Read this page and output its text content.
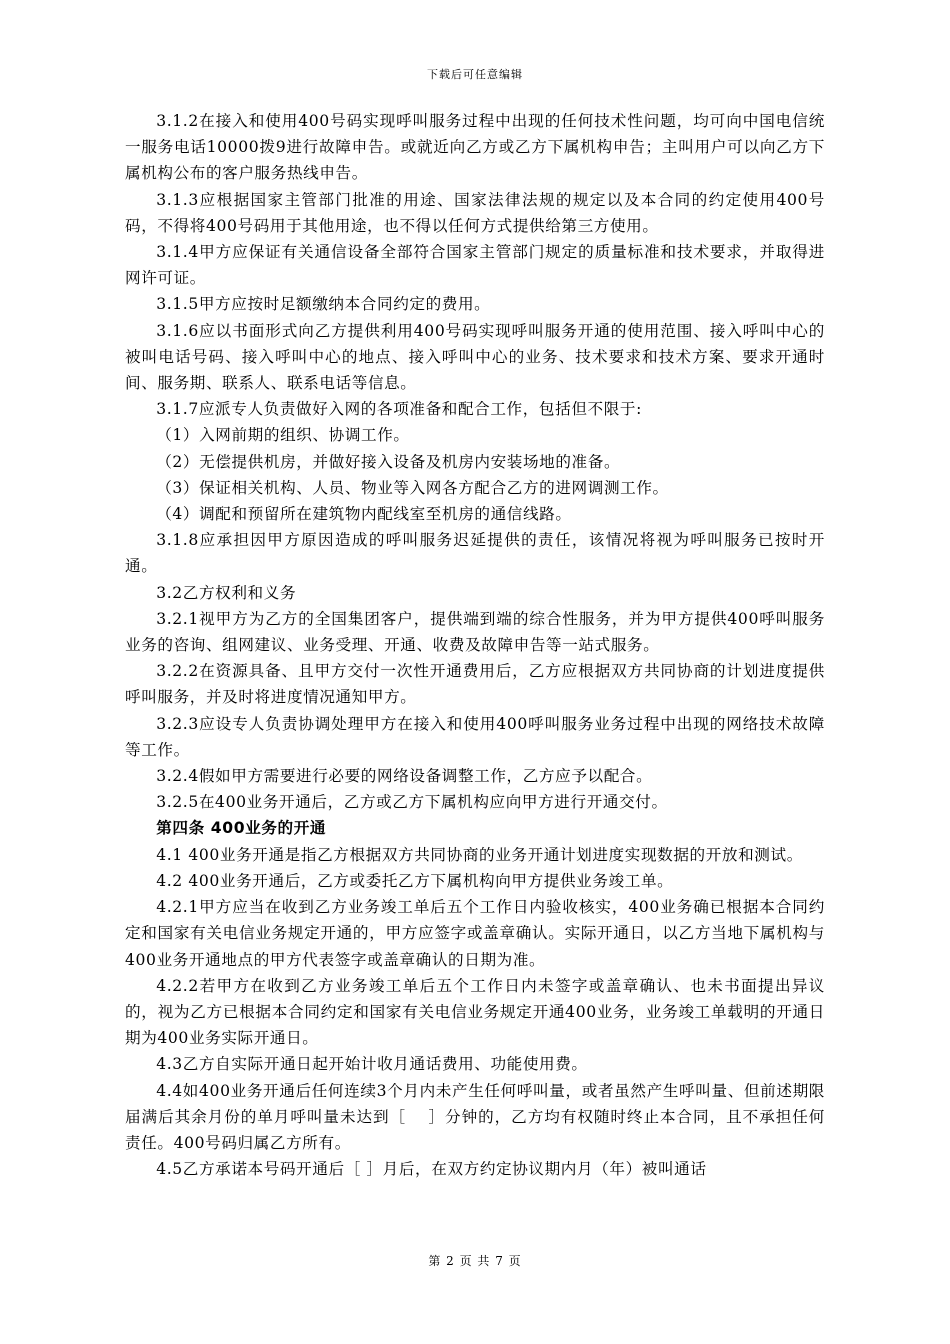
下载后可任意编辑

3.1.2在接入和使用400号码实现呼叫服务过程中出现的任何技术性问题，均可向中国电信统一服务电话10000拨9进行故障申告。或就近向乙方或乙方下属机构申告；主叫用户可以向乙方下属机构公布的客户服务热线申告。

3.1.3应根据国家主管部门批准的用途、国家法律法规的规定以及本合同的约定使用400号码，不得将400号码用于其他用途，也不得以任何方式提供给第三方使用。

3.1.4甲方应保证有关通信设备全部符合国家主管部门规定的质量标准和技术要求，并取得进网许可证。

3.1.5甲方应按时足额缴纳本合同约定的费用。

3.1.6应以书面形式向乙方提供利用400号码实现呼叫服务开通的使用范围、接入呼叫中心的被叫电话号码、接入呼叫中心的地点、接入呼叫中心的业务、技术要求和技术方案、要求开通时间、服务期、联系人、联系电话等信息。

3.1.7应派专人负责做好入网的各项准备和配合工作，包括但不限于:

（1）入网前期的组织、协调工作。

（2）无偿提供机房，并做好接入设备及机房内安装场地的准备。

（3）保证相关机构、人员、物业等入网各方配合乙方的进网调测工作。

（4）调配和预留所在建筑物内配线室至机房的通信线路。

3.1.8应承担因甲方原因造成的呼叫服务迟延提供的责任，该情况将视为呼叫服务已按时开通。

3.2乙方权利和义务

3.2.1视甲方为乙方的全国集团客户，提供端到端的综合性服务，并为甲方提供400呼叫服务业务的咨询、组网建议、业务受理、开通、收费及故障申告等一站式服务。

3.2.2在资源具备、且甲方交付一次性开通费用后，乙方应根据双方共同协商的计划进度提供呼叫服务，并及时将进度情况通知甲方。

3.2.3应设专人负责协调处理甲方在接入和使用400呼叫服务业务过程中出现的网络技术故障等工作。

3.2.4假如甲方需要进行必要的网络设备调整工作，乙方应予以配合。

3.2.5在400业务开通后，乙方或乙方下属机构应向甲方进行开通交付。

第四条 400业务的开通

4.1 400业务开通是指乙方根据双方共同协商的业务开通计划进度实现数据的开放和测试。

4.2 400业务开通后，乙方或委托乙方下属机构向甲方提供业务竣工单。

4.2.1甲方应当在收到乙方业务竣工单后五个工作日内验收核实，400业务确已根据本合同约定和国家有关电信业务规定开通的，甲方应签字或盖章确认。实际开通日，以乙方当地下属机构与400业务开通地点的甲方代表签字或盖章确认的日期为准。

4.2.2若甲方在收到乙方业务竣工单后五个工作日内未签字或盖章确认、也未书面提出异议的，视为乙方已根据本合同约定和国家有关电信业务规定开通400业务，业务竣工单载明的开通日期为400业务实际开通日。

4.3乙方自实际开通日起开始计收月通话费用、功能使用费。

4.4如400业务开通后任何连续3个月内未产生任何呼叫量，或者虽然产生呼叫量、但前述期限届满后其余月份的单月呼叫量未达到［　 ］分钟的，乙方均有权随时终止本合同，且不承担任何责任。400号码归属乙方所有。

4.5乙方承诺本号码开通后［ ］月后，在双方约定协议期内月（年）被叫通话

第 2 页 共 7 页
